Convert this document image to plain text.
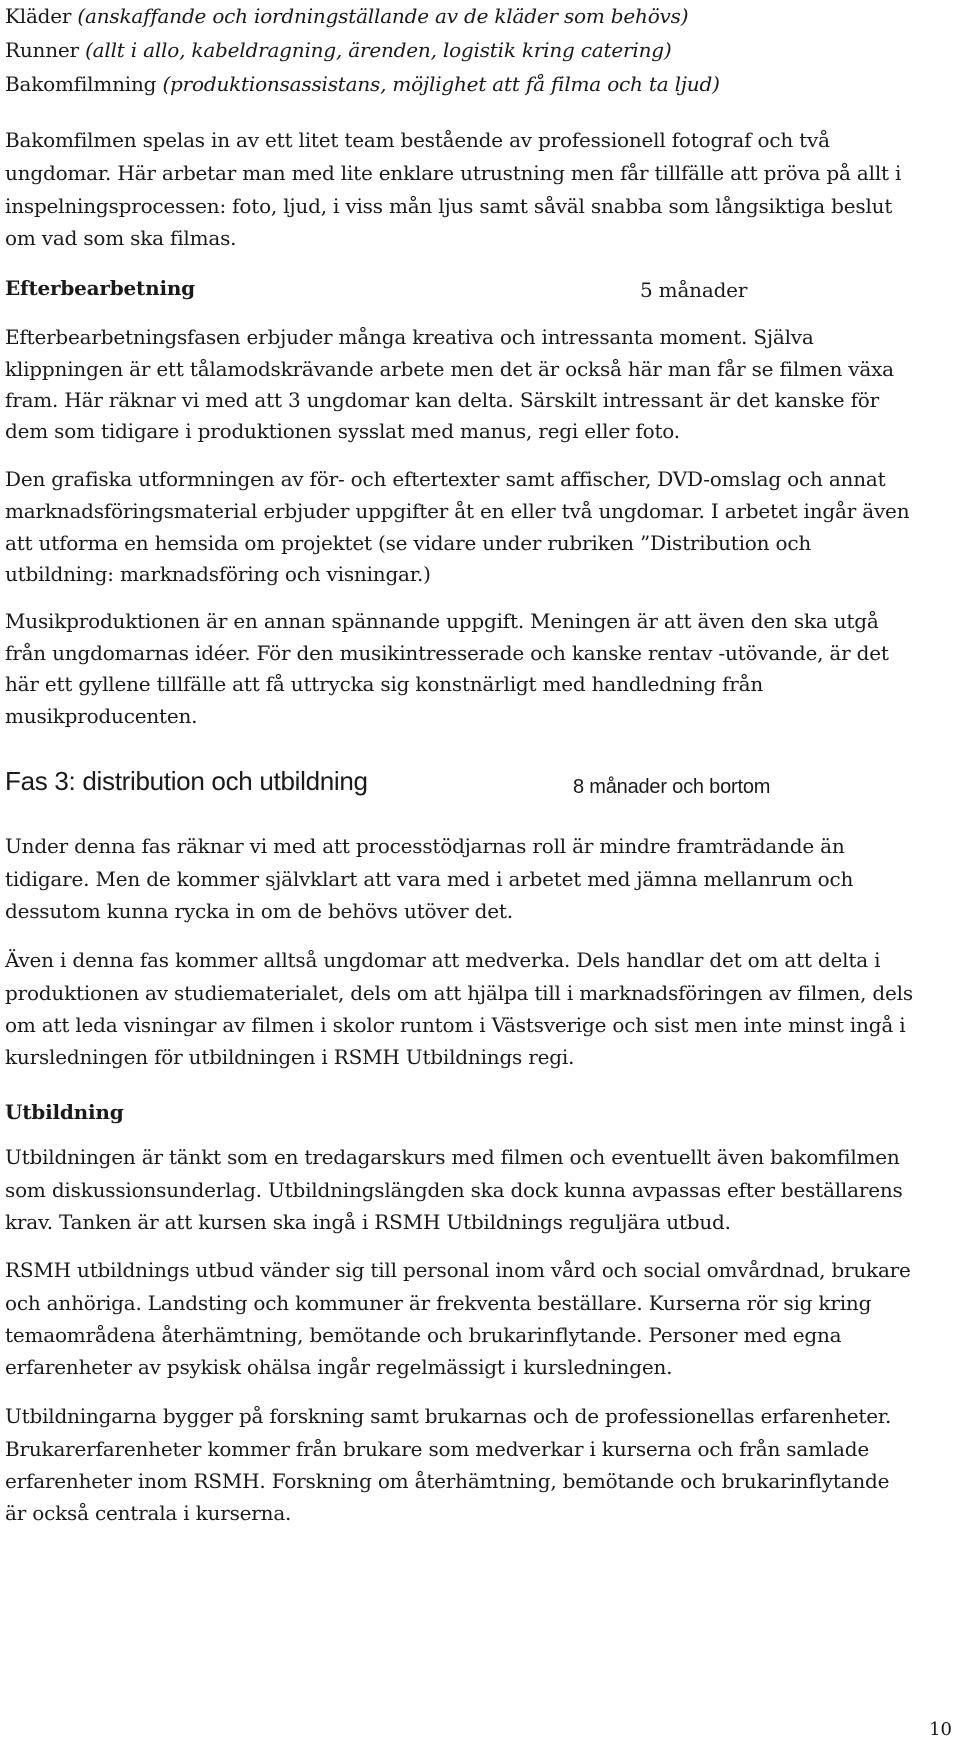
Kläder (anskaffande och iordningställande av de kläder som behövs)
Runner (allt i allo, kabeldragning, ärenden, logistik kring catering)
Bakomfilmning (produktionsassistans, möjlighet att få filma och ta ljud)
Bakomfilmen spelas in av ett litet team bestående av professionell fotograf och två
ungdomar. Här arbetar man med lite enklare utrustning men får tillfälle att pröva på allt i
inspelningsprocessen: foto, ljud, i viss mån ljus samt såväl snabba som långsiktiga beslut
om vad som ska filmas.
Efterbearbetning	5 månader
Efterbearbetningsfasen erbjuder många kreativa och intressanta moment. Själva
klippningen är ett tålamodskrävande arbete men det är också här man får se filmen växa
fram. Här räknar vi med att 3 ungdomar kan delta. Särskilt intressant är det kanske för
dem som tidigare i produktionen sysslat med manus, regi eller foto.
Den grafiska utformningen av för- och eftertexter samt affischer, DVD-omslag och annat
marknadsföringsmaterial erbjuder uppgifter åt en eller två ungdomar. I arbetet ingår även
att utforma en hemsida om projektet (se vidare under rubriken ”Distribution och
utbildning: marknadsföring och visningar.)
Musikproduktionen är en annan spännande uppgift. Meningen är att även den ska utgå
från ungdomarnas idéer. För den musikintresserade och kanske rentav -utövande, är det
här ett gyllene tillfälle att få uttrycka sig konstnärligt med handledning från
musikproducenten.
Fas 3: distribution och utbildning	8 månader och bortom
Under denna fas räknar vi med att processtödjarnas roll är mindre framträdande än
tidigare. Men de kommer självklart att vara med i arbetet med jämna mellanrum och
dessutom kunna rycka in om de behövs utöver det.
Även i denna fas kommer alltså ungdomar att medverka. Dels handlar det om att delta i
produktionen av studiematerialet, dels om att hjälpa till i marknadsföringen av filmen, dels
om att leda visningar av filmen i skolor runtom i Västsverige och sist men inte minst ingå i
kursledningen för utbildningen i RSMH Utbildnings regi.
Utbildning
Utbildningen är tänkt som en tredagarskurs med filmen och eventuellt även bakomfilmen
som diskussionsunderlag. Utbildningslängden ska dock kunna avpassas efter beställarens
krav. Tanken är att kursen ska ingå i RSMH Utbildnings reguljära utbud.
RSMH utbildnings utbud vänder sig till personal inom vård och social omvårdnad, brukare
och anhöriga. Landsting och kommuner är frekventa beställare. Kurserna rör sig kring
temaområdena återhämtning, bemötande och brukarinflytande. Personer med egna
erfarenheter av psykisk ohälsa ingår regelmässigt i kursledningen.
Utbildningarna bygger på forskning samt brukarnas och de professionellas erfarenheter.
Brukarerfarenheter kommer från brukare som medverkar i kurserna och från samlade
erfarenheter inom RSMH. Forskning om återhämtning, bemötande och brukarinflytande
är också centrala i kurserna.
10
